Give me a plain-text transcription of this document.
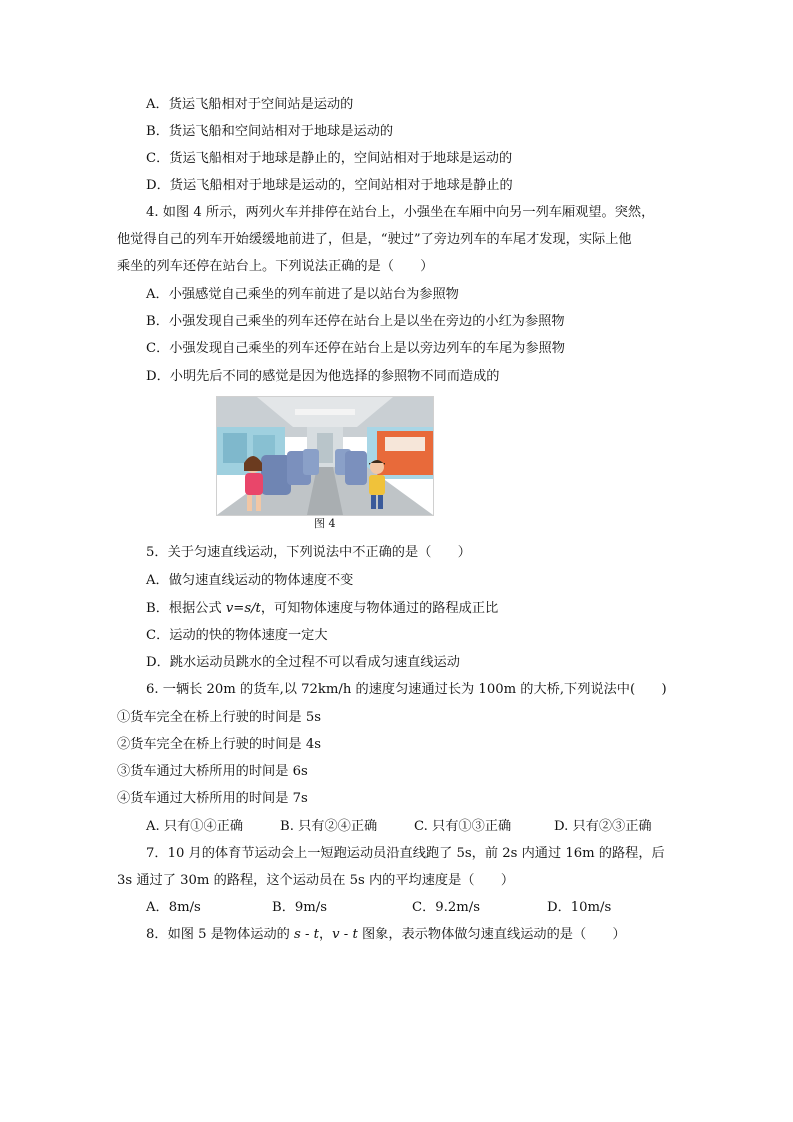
A．货运飞船相对于空间站是运动的
B．货运飞船和空间站相对于地球是运动的
C．货运飞船相对于地球是静止的，空间站相对于地球是运动的
D．货运飞船相对于地球是运动的，空间站相对于地球是静止的
4. 如图 4 所示，两列火车并排停在站台上，小强坐在车厢中向另一列车厢观望。突然，
他觉得自己的列车开始缓缓地前进了，但是，“驶过”了旁边列车的车尾才发现，实际上他
乘坐的列车还停在站台上。下列说法正确的是（　　）
A．小强感觉自己乘坐的列车前进了是以站台为参照物
B．小强发现自己乘坐的列车还停在站台上是以坐在旁边的小红为参照物
C．小强发现自己乘坐的列车还停在站台上是以旁边列车的车尾为参照物
D．小明先后不同的感觉是因为他选择的参照物不同而造成的
图 4
5．关于匀速直线运动，下列说法中不正确的是（　　）
A．做匀速直线运动的物体速度不变
B．根据公式 v=s/t，可知物体速度与物体通过的路程成正比
C．运动的快的物体速度一定大
D．跳水运动员跳水的全过程不可以看成匀速直线运动
6. 一辆长 20m 的货车,以 72km/h 的速度匀速通过长为 100m 的大桥,下列说法中(　　)
①货车完全在桥上行驶的时间是 5s
②货车完全在桥上行驶的时间是 4s
③货车通过大桥所用的时间是 6s
④货车通过大桥所用的时间是 7s
A. 只有①④正确	B. 只有②④正确	C. 只有①③正确	D. 只有②③正确
7．10 月的体育节运动会上一短跑运动员沿直线跑了 5s，前 2s 内通过 16m 的路程，后
3s 通过了 30m 的路程，这个运动员在 5s 内的平均速度是（　　）
A．8m/s	B．9m/s	C．9.2m/s	D．10m/s
8．如图 5 是物体运动的 s - t，v - t 图象，表示物体做匀速直线运动的是（　　）
